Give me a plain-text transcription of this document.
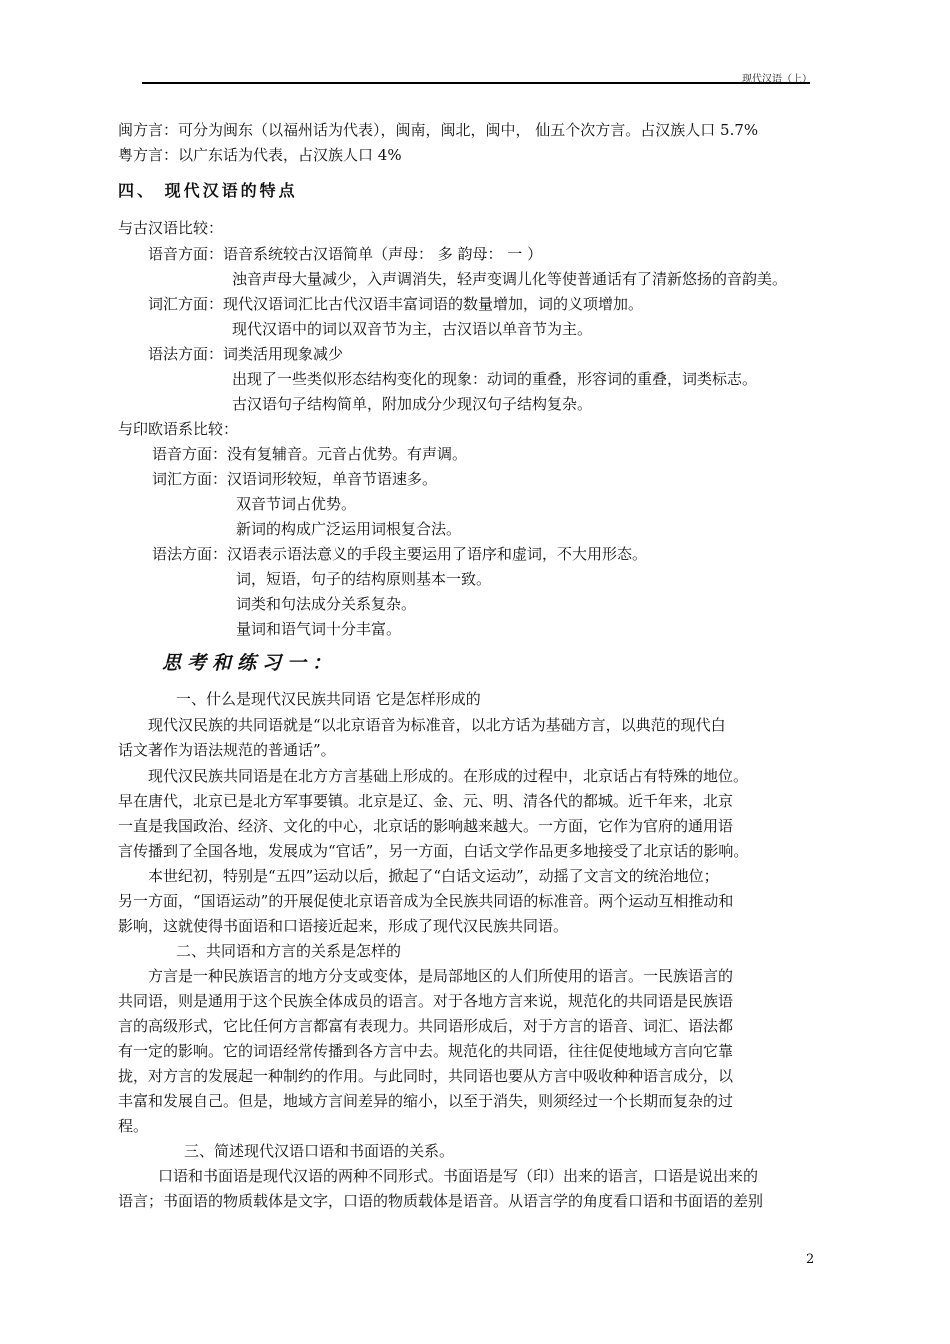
现代汉语（上）
闽方言：可分为闽东（以福州话为代表），闽南，闽北，闽中， 仙五个次方言。占汉族人口 5.7%
粤方言：以广东话为代表，占汉族人口 4%
四、 现代汉语的特点
与古汉语比较：
语音方面：语音系统较古汉语简单（声母： 多 韵母： 一 ）
浊音声母大量减少，入声调消失，轻声变调儿化等使普通话有了清新悠扬的音韵美。
词汇方面：现代汉语词汇比古代汉语丰富词语的数量增加，词的义项增加。
现代汉语中的词以双音节为主，古汉语以单音节为主。
语法方面：词类活用现象减少
出现了一些类似形态结构变化的现象：动词的重叠，形容词的重叠，词类标志。
古汉语句子结构简单，附加成分少现汉句子结构复杂。
与印欧语系比较：
语音方面：没有复辅音。元音占优势。有声调。
词汇方面：汉语词形较短，单音节语速多。
双音节词占优势。
新词的构成广泛运用词根复合法。
语法方面：汉语表示语法意义的手段主要运用了语序和虚词，不大用形态。
词，短语，句子的结构原则基本一致。
词类和句法成分关系复杂。
量词和语气词十分丰富。
思考和练习一：
一、什么是现代汉民族共同语 它是怎样形成的
现代汉民族的共同语就是“以北京语音为标准音，以北方话为基础方言，以典范的现代白
话文著作为语法规范的普通话”。
现代汉民族共同语是在北方方言基础上形成的。在形成的过程中，北京话占有特殊的地位。
早在唐代，北京已是北方军事要镇。北京是辽、金、元、明、清各代的都城。近千年来，北京
一直是我国政治、经济、文化的中心，北京话的影响越来越大。一方面，它作为官府的通用语
言传播到了全国各地，发展成为“官话”，另一方面，白话文学作品更多地接受了北京话的影响。
本世纪初，特别是“五四”运动以后，掀起了“白话文运动”，动摇了文言文的统治地位；
另一方面，“国语运动”的开展促使北京语音成为全民族共同语的标准音。两个运动互相推动和
影响，这就使得书面语和口语接近起来，形成了现代汉民族共同语。
二、共同语和方言的关系是怎样的
方言是一种民族语言的地方分支或变体，是局部地区的人们所使用的语言。一民族语言的
共同语，则是通用于这个民族全体成员的语言。对于各地方言来说，规范化的共同语是民族语
言的高级形式，它比任何方言都富有表现力。共同语形成后，对于方言的语音、词汇、语法都
有一定的影响。它的词语经常传播到各方言中去。规范化的共同语，往往促使地域方言向它靠
拢，对方言的发展起一种制约的作用。与此同时，共同语也要从方言中吸收种种语言成分，以
丰富和发展自己。但是，地域方言间差异的缩小，以至于消失，则须经过一个长期而复杂的过
程。
三、简述现代汉语口语和书面语的关系。
口语和书面语是现代汉语的两种不同形式。书面语是写（印）出来的语言，口语是说出来的
语言；书面语的物质载体是文字，口语的物质载体是语音。从语言学的角度看口语和书面语的差别
2
